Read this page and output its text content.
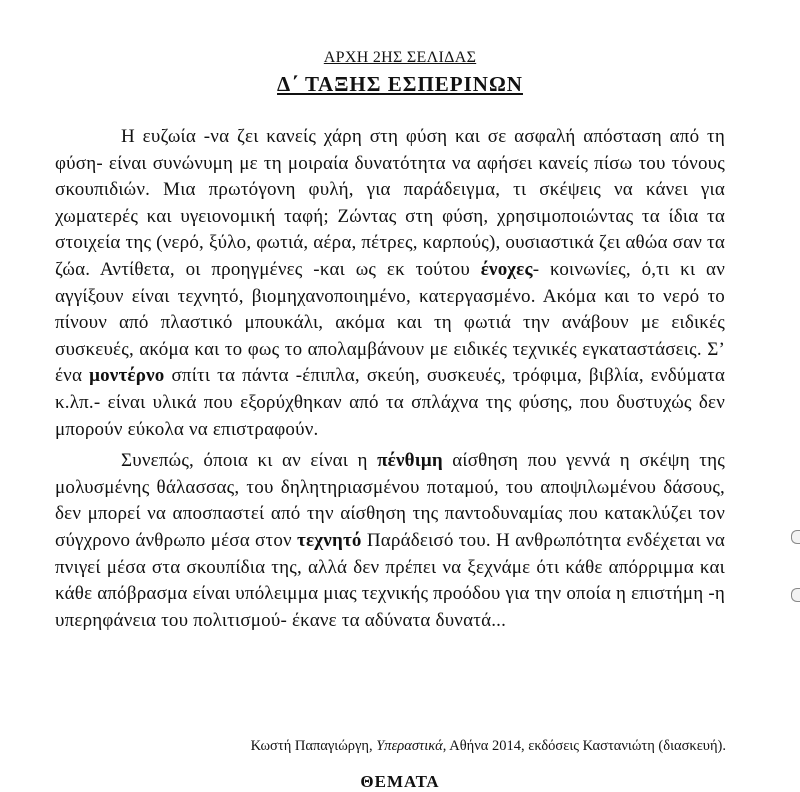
ΑΡΧΗ 2ΗΣ ΣΕΛΙΔΑΣ
Δ΄ ΤΑΞΗΣ ΕΣΠΕΡΙΝΩΝ

Η ευζωία -να ζει κανείς χάρη στη φύση και σε ασφαλή απόσταση από τη φύση- είναι συνώνυμη με τη μοιραία δυνατότητα να αφήσει κανείς πίσω του τόνους σκουπιδιών. Μια πρωτόγονη φυλή, για παράδειγμα, τι σκέψεις να κάνει για χωματερές και υγειονομική ταφή; Ζώντας στη φύση, χρησιμοποιώντας τα ίδια τα στοιχεία της (νερό, ξύλο, φωτιά, αέρα, πέτρες, καρπούς), ουσιαστικά ζει αθώα σαν τα ζώα. Αντίθετα, οι προηγμένες -και ως εκ τούτου ένοχες- κοινωνίες, ό,τι κι αν αγγίξουν είναι τεχνητό, βιομηχανοποιημένο, κατεργασμένο. Ακόμα και το νερό το πίνουν από πλαστικό μπουκάλι, ακόμα και τη φωτιά την ανάβουν με ειδικές συσκευές, ακόμα και το φως το απολαμβάνουν με ειδικές τεχνικές εγκαταστάσεις. Σ’ ένα μοντέρνο σπίτι τα πάντα -έπιπλα, σκεύη, συσκευές, τρόφιμα, βιβλία, ενδύματα κ.λπ.- είναι υλικά που εξορύχθηκαν από τα σπλάχνα της φύσης, που δυστυχώς δεν μπορούν εύκολα να επιστραφούν.

Συνεπώς, όποια κι αν είναι η πένθιμη αίσθηση που γεννά η σκέψη της μολυσμένης θάλασσας, του δηλητηριασμένου ποταμού, του αποψιλωμένου δάσους, δεν μπορεί να αποσπαστεί από την αίσθηση της παντοδυναμίας που κατακλύζει τον σύγχρονο άνθρωπο μέσα στον τεχνητό Παράδεισό του. Η ανθρωπότητα ενδέχεται να πνιγεί μέσα στα σκουπίδια της, αλλά δεν πρέπει να ξεχνάμε ότι κάθε απόρριμμα και κάθε απόβρασμα είναι υπόλειμμα μιας τεχνικής προόδου για την οποία η επιστήμη -η υπερηφάνεια του πολιτισμού- έκανε τα αδύνατα δυνατά...

Κωστή Παπαγιώργη, Υπεραστικά, Αθήνα 2014, εκδόσεις Καστανιώτη (διασκευή).
ΘΕΜΑΤΑ
